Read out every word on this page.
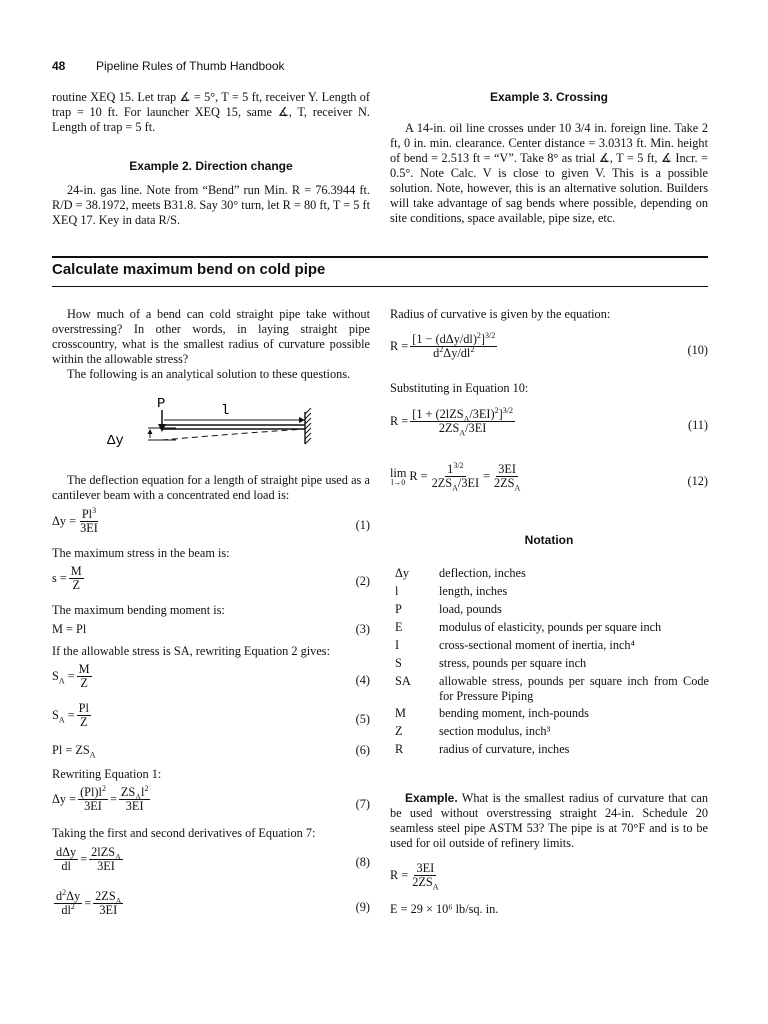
48	Pipeline Rules of Thumb Handbook

routine XEQ 15. Let trap ∡ = 5°, T = 5 ft, receiver Y. Length of trap = 10 ft. For launcher XEQ 15, same ∡, T, receiver N. Length of trap = 5 ft.

Example 2. Direction change

24-in. gas line. Note from “Bend” run Min. R = 76.3944 ft. R/D = 38.1972, meets B31.8. Say 30° turn, let R = 80 ft, T = 5 ft XEQ 17. Key in data R/S.

Example 3. Crossing

A 14-in. oil line crosses under 10 3/4 in. foreign line. Take 2 ft, 0 in. min. clearance. Center distance = 3.0313 ft. Min. height of bend = 2.513 ft = “V”. Take 8° as trial ∡, T = 5 ft, ∡ Incr. = 0.5°. Note Calc. V is close to given V. This is a possible solution. Note, however, this is an alternative solution. Builders will take advantage of sag bends where possible, depending on site conditions, space available, pipe size, etc.

Calculate maximum bend on cold pipe

How much of a bend can cold straight pipe take without overstressing? In other words, in laying straight pipe crosscountry, what is the smallest radius of curvature possible within the allowable stress?

The following is an analytical solution to these questions.

P	l
Δy

The deflection equation for a length of straight pipe used as a cantilever beam with a concentrated end load is:

$\Delta y = \frac{Pl^3}{3EI}$	(1)

The maximum stress in the beam is:

$s = \frac{M}{Z}$	(2)

The maximum bending moment is:

M = Pl	(3)

If the allowable stress is SA, rewriting Equation 2 gives:

$S_A = \frac{M}{Z}$	(4)
$S_A = \frac{Pl}{Z}$	(5)
$Pl = ZS_A$	(6)

Rewriting Equation 1:

$\Delta y = \frac{(Pl)l^2}{3EI} = \frac{ZS_Al^2}{3EI}$	(7)

Taking the first and second derivatives of Equation 7:

$\frac{\text{dΔy}}{dl} = \frac{2lZS_A}{3EI}$	(8)
$\frac{d^2\Delta y}{dl^2} = \frac{2ZS_A}{3EI}$	(9)

Radius of curvative is given by the equation:

$R = \frac{[1 - (d\Delta y/dl)^2]^{3/2}}{d^2\Delta y/dl^2}$	(10)

Substituting in Equation 10:

$R = \frac{[1 + (2lZS_A/3EI)^2]^{3/2}}{2ZS_A/3EI}$	(11)
lim
l→0 $R = \frac{1^{3/2}}{2ZS_A/3EI} = \frac{3EI}{2ZS_A}$	(12)
Notation
Δy	deflection, inches
l	length, inches
P	load, pounds
E	modulus of elasticity, pounds per square inch
I	cross-sectional moment of inertia, inch⁴
S	stress, pounds per square inch
SA	allowable stress, pounds per square inch from Code for Pressure Piping
M	bending moment, inch-pounds
Z	section modulus, inch³
R	radius of curvature, inches

Example. What is the smallest radius of curvature that can be used without overstressing straight 24-in. Schedule 20 seamless steel pipe ASTM 53? The pipe is at 70°F and is to be used for oil outside of refinery limits.

$R = \frac{3EI}{2ZS_A}$

E = 29 × 10⁶ lb/sq. in.
